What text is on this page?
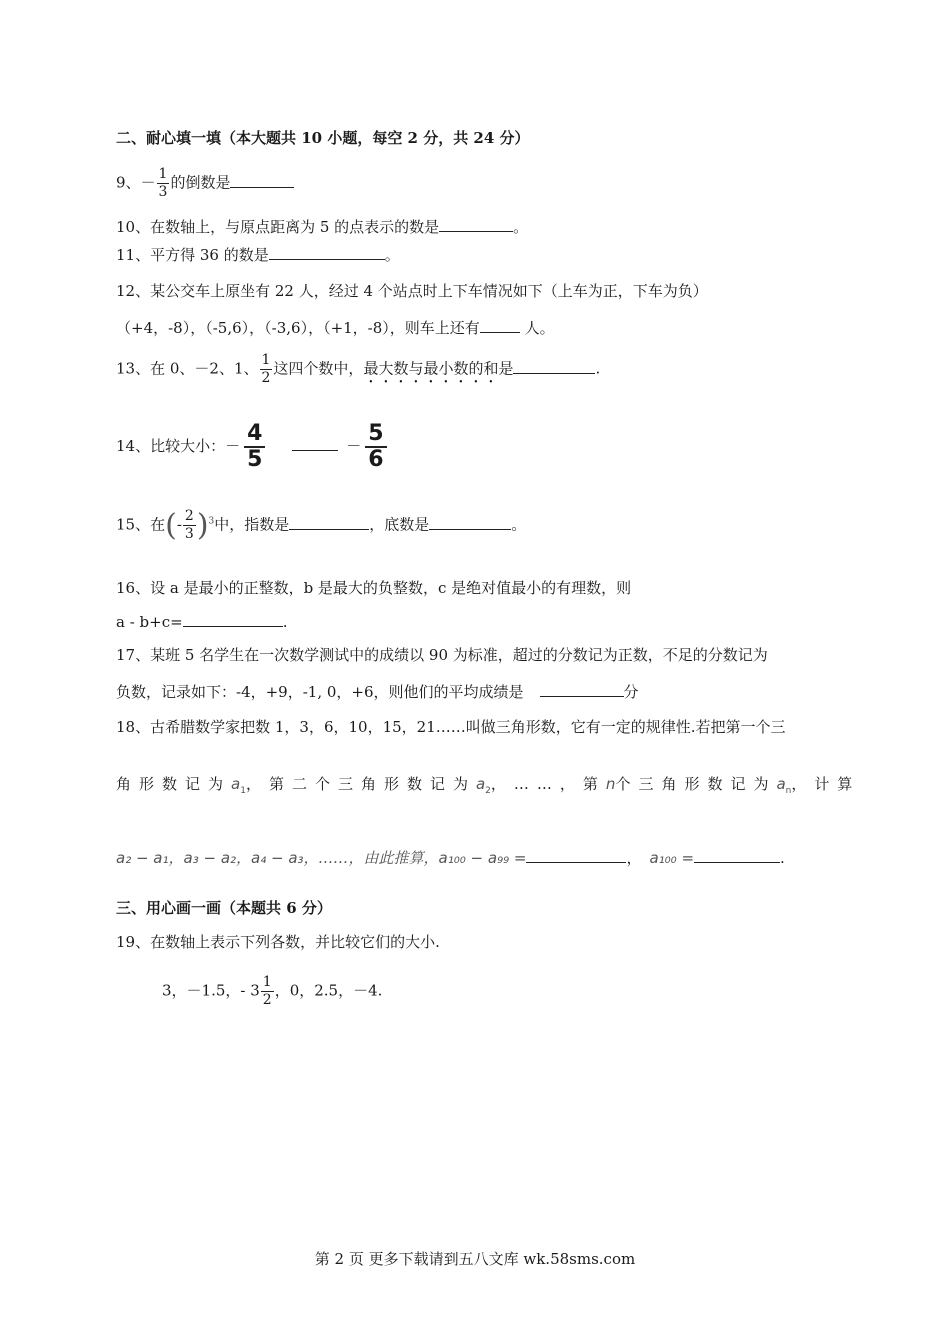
二、耐心填一填（本大题共 10 小题，每空 2 分，共 24 分）
9、－ $\frac{1}{3}$ 的倒数是
10、在数轴上，与原点距离为 5 的点表示的数是	。
11、平方得 36 的数是	。
12、某公交车上原坐有 22 人，经过 4 个站点时上下车情况如下（上车为正，下车为负）
（+4，-8），（-5,6），（-3,6），（+1，-8），则车上还有	人。
13、在 0、－2、1、 $\frac{1}{2}$ 这四个数中，最大数与最小数的和是	.
14、比较大小：－ $\frac{4}{5}$	－ $\frac{5}{6}$
15、在(- $\frac{2}{3} )^3$中，指数是	，底数是	。
16、设 a 是最小的正整数，b 是最大的负整数，c 是绝对值最小的有理数，则
a - b+c=	.
17、某班 5 名学生在一次数学测试中的成绩以 90 为标准，超过的分数记为正数，不足的分数记为
负数，记录如下：-4，+9，-1, 0，+6，则他们的平均成绩是	分
18、古希腊数学家把数 1，3，6，10，15，21……叫做三角形数，它有一定的规律性.若把第一个三
角形数记为 $a_1$ ，第二个三角形数记为 $a_2$ ，……，第 n 个三角形数记为 $a_n$ ，计算
a₂ − a₁，a₃ − a₂，a₄ − a₃，……，由此推算，a₁₀₀ − a₉₉ =	， a₁₀₀ =	.
三、用心画一画（本题共 6 分）
19、在数轴上表示下列各数，并比较它们的大小.
3，－1.5，- $3 \frac{1}{2}$ ，0，2.5，－4.
第 2 页 更多下载请到五八文库 wk.58sms.com
